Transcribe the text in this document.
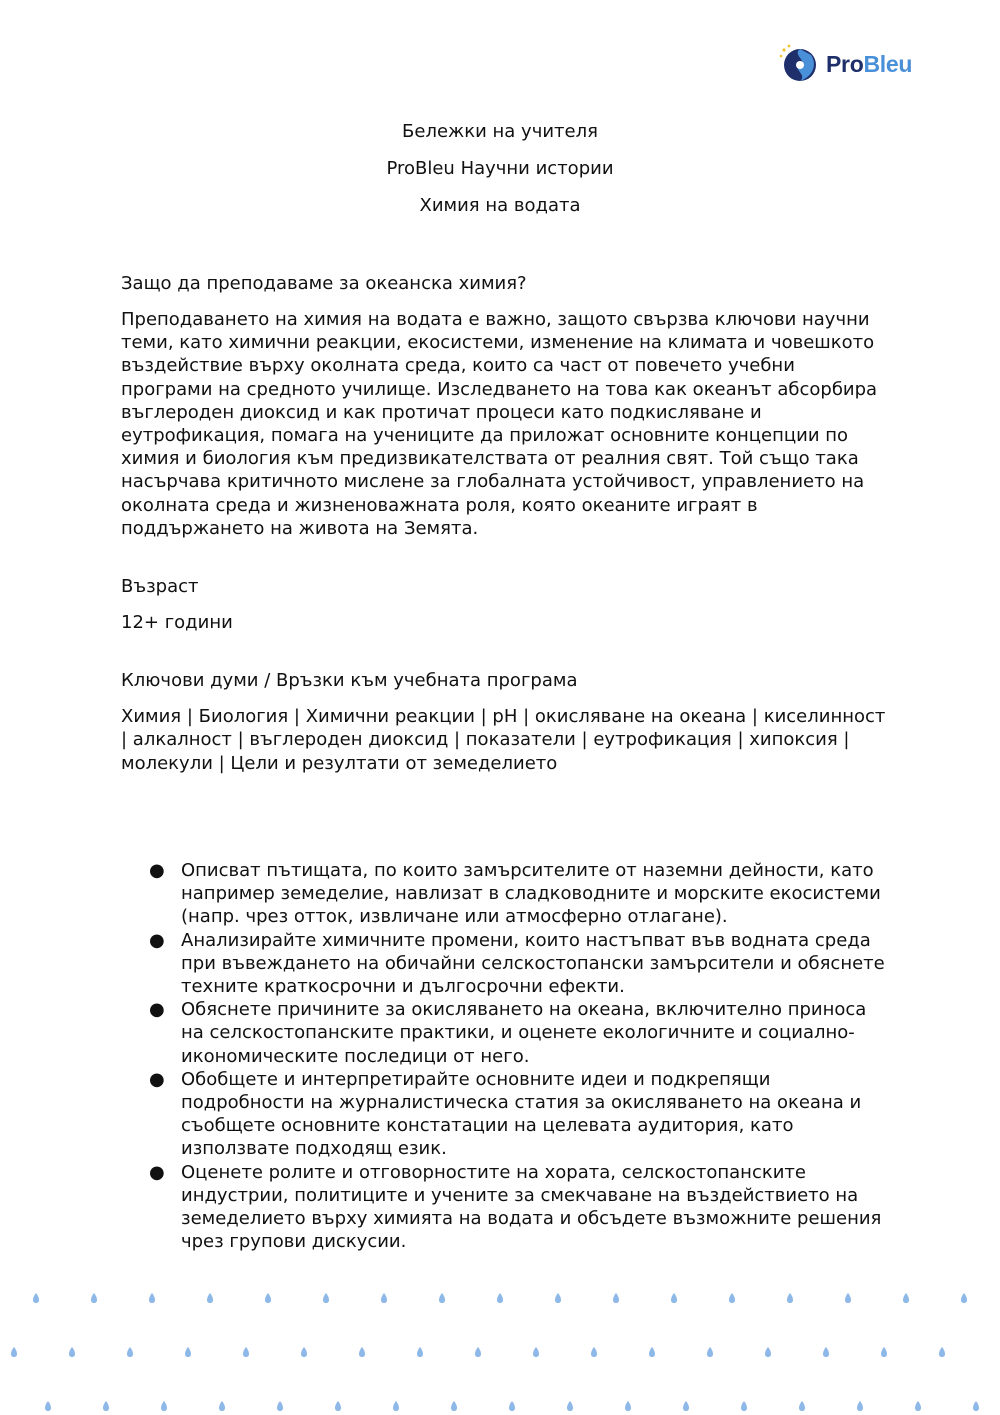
ProBleu
Бележки на учителя
ProBleu Научни истории
Химия на водата
Защо да преподаваме за океанска химия?

Преподаването на химия на водата е важно, защото свързва ключови научни теми, като химични реакции, екосистеми, изменение на климата и човешкото въздействие върху околната среда, които са част от повечето учебни програми на средното училище. Изследването на това как океанът абсорбира въглероден диоксид и как протичат процеси като подкисляване и еутрофикация, помага на учениците да приложат основните концепции по химия и биология към предизвикателствата от реалния свят. Той също така насърчава критичното мислене за глобалната устойчивост, управлението на околната среда и жизненоважната роля, която океаните играят в поддържането на живота на Земята.

Възраст

12+ години

Ключови думи / Връзки към учебната програма

Химия | Биология | Химични реакции | pH | окисляване на океана | киселинност | алкалност | въглероден диоксид | показатели | еутрофикация | хипоксия | молекули | Цели и резултати от земеделието

● Описват пътищата, по които замърсителите от наземни дейности, като например земеделие, навлизат в сладководните и морските екосистеми (напр. чрез отток, извличане или атмосферно отлагане).
● Анализирайте химичните промени, които настъпват във водната среда при въвеждането на обичайни селскостопански замърсители и обяснете техните краткосрочни и дългосрочни ефекти.
● Обяснете причините за окисляването на океана, включително приноса на селскостопанските практики, и оценете екологичните и социално-икономическите последици от него.
● Обобщете и интерпретирайте основните идеи и подкрепящи подробности на журналистическа статия за окисляването на океана и съобщете основните констатации на целевата аудитория, като използвате подходящ език.
● Оценете ролите и отговорностите на хората, селскостопанските индустрии, политиците и учените за смекчаване на въздействието на земеделието върху химията на водата и обсъдете възможните решения чрез групови дискусии.
